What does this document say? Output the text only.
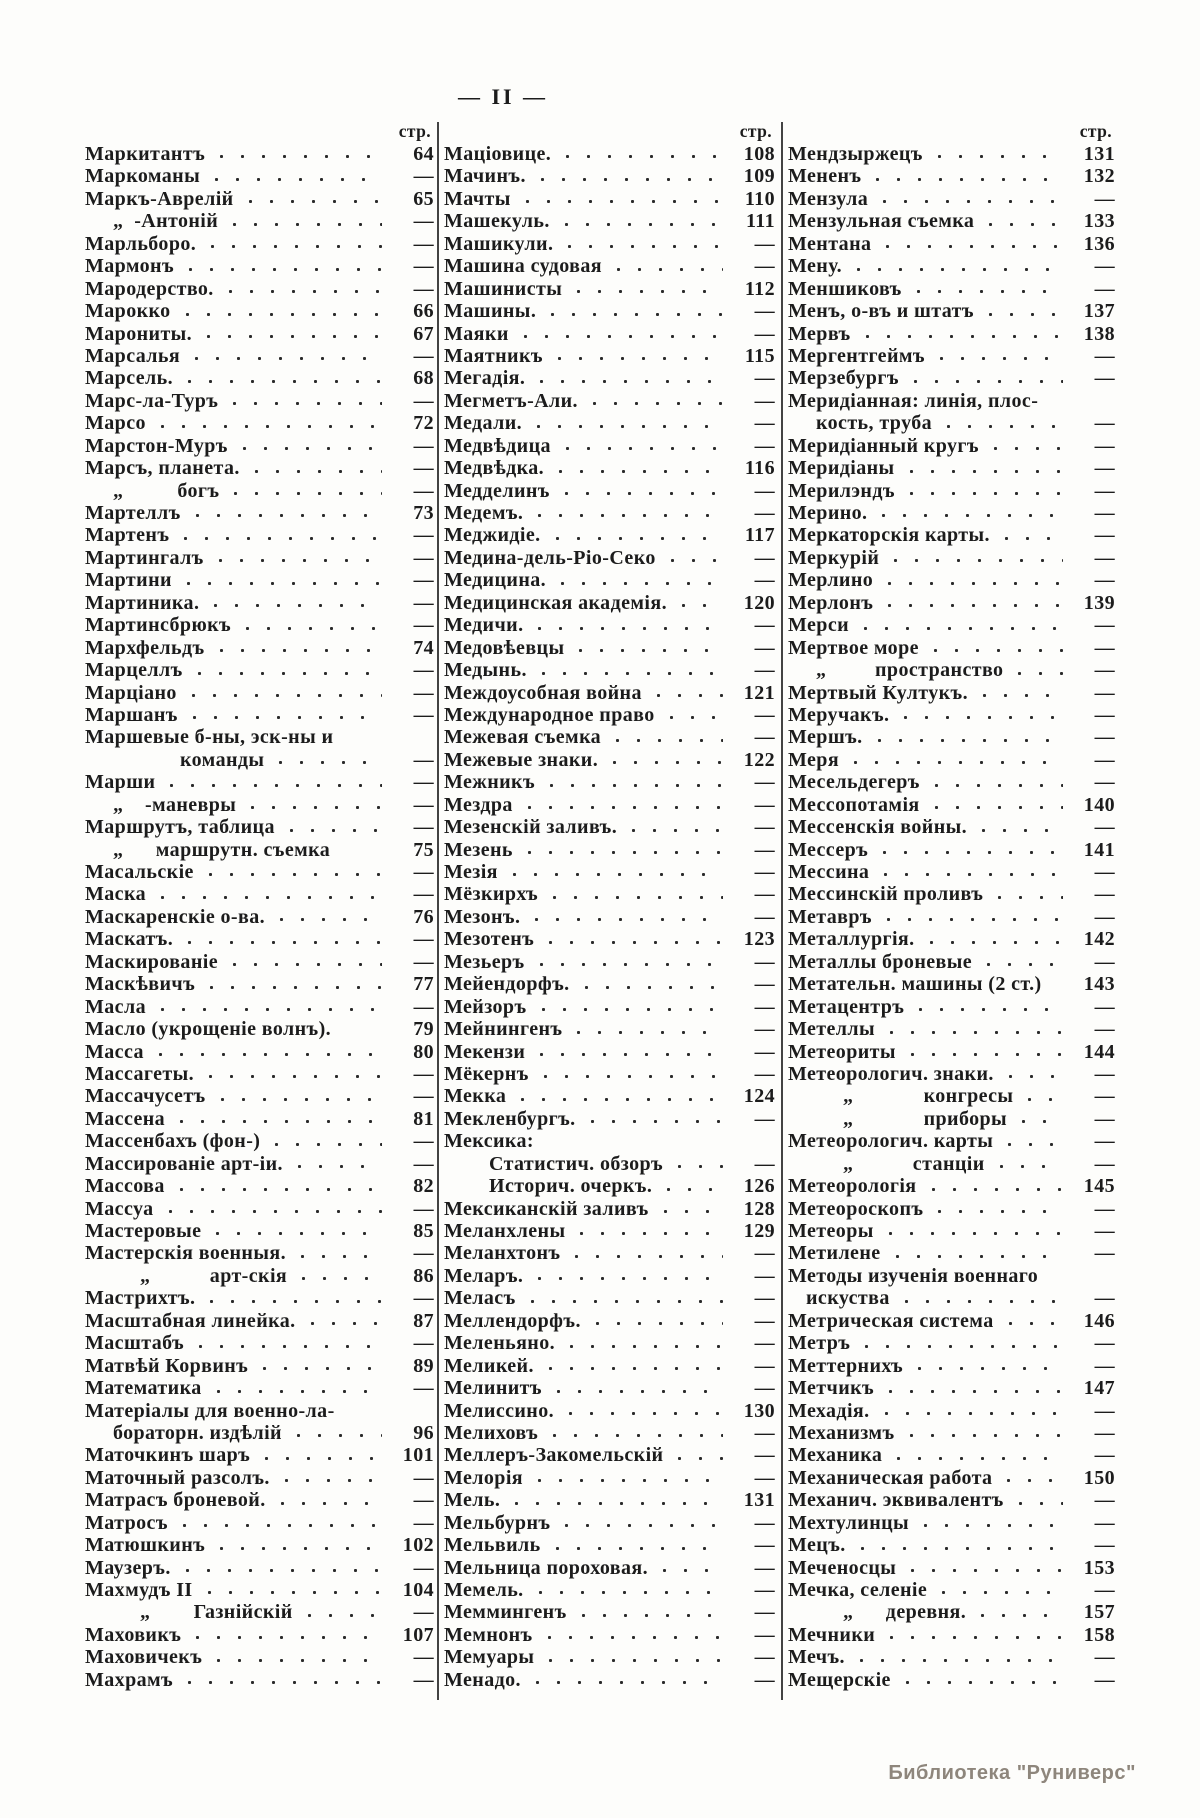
— II —
стр.
Маркитантъ	64
Маркоманы	—
Маркъ-Аврелій	65
„  -Антоній	—
Марльборо.	—
Мармонъ	—
Мародерство.	—
Марокко	66
Марониты.	67
Марсалья	—
Марсель.	68
Марс-ла-Туръ	—
Марсо	72
Марстон-Муръ	—
Марсъ, планета.	—
„          богъ	—
Мартеллъ	73
Мартенъ	—
Мартингалъ	—
Мартини	—
Мартиника.	—
Мартинсбрюкъ	—
Мархфельдъ	74
Марцеллъ	—
Марціано	—
Маршанъ	—
Маршевые б-ны, эск-ны и
команды	—
Марши	—
„    -маневры	—
Маршрутъ, таблица	—
„      маршрутн. съемка	75
Масальскіе	—
Маска	—
Маскаренскіе о-ва.	76
Маскатъ.	—
Маскированіе	—
Маскѣвичъ	77
Масла	—
Масло (укрощеніе волнъ).	79
Масса	80
Массагеты.	—
Массачусетъ	—
Массена	81
Массенбахъ (фон-)	—
Массированіе арт-іи.	—
Массова	82
Массуа	—
Мастеровые	85
Мастерскія военныя.	—
„           арт-скія	86
Мастрихтъ.	—
Масштабная линейка.	87
Масштабъ	—
Матвѣй Корвинъ	89
Математика	—
Матеріалы для военно-ла-
бораторн. издѣлій	96
Маточкинъ шаръ	101
Маточный разсолъ.	—
Матрасъ броневой.	—
Матросъ	—
Матюшкинъ	102
Маузеръ.	—
Махмудъ II	104
„        Газнійскій	—
Маховикъ	107
Маховичекъ	—
Махрамъ	—
стр.
Маціовице.	108
Мачинъ.	109
Мачты	110
Машекуль.	111
Машикули.	—
Машина судовая	—
Машинисты	112
Машины.	—
Маяки	—
Маятникъ	115
Мегадія.	—
Мегметъ-Али.	—
Медали.	—
Медвѣдица	—
Медвѣдка.	116
Медделинъ	—
Медемъ.	—
Меджидіе.	117
Медина-дель-Ріо-Секо	—
Медицина.	—
Медицинская академія.	120
Медичи.	—
Медовѣевцы	—
Медынь.	—
Междоусобная война	121
Международное право	—
Межевая съемка	—
Межевые знаки.	122
Межникъ	—
Мездра	—
Мезенскій заливъ.	—
Мезень	—
Мезія	—
Мёзкирхъ	—
Мезонъ.	—
Мезотенъ	123
Мезьеръ	—
Мейендорфъ.	—
Мейзоръ	—
Мейнингенъ	—
Мекензи	—
Мёкернъ	—
Мекка	124
Мекленбургъ.	—
Мексика:
Статистич. обзоръ	—
Историч. очеркъ.	126
Мексиканскій заливъ	128
Меланхлены	129
Меланхтонъ	—
Меларъ.	—
Меласъ	—
Меллендорфъ.	—
Меленьяно.	—
Меликей.	—
Мелинитъ	—
Мелиссино.	130
Мелиховъ	—
Меллеръ-Закомельскій	—
Мелорія	—
Мель.	131
Мельбурнъ	—
Мельвиль	—
Мельница пороховая.	—
Мемель.	—
Меммингенъ	—
Мемнонъ	—
Мемуары	—
Менадо.	—
стр.
Мендзыржецъ	131
Мененъ	132
Мензула	—
Мензульная съемка	133
Ментана	136
Мену.	—
Меншиковъ	—
Менъ, о-въ и штатъ	137
Мервъ	138
Мергентгеймъ	—
Мерзебургъ	—
Меридіанная: линія, плос-
кость, труба	—
Меридіанный кругъ	—
Меридіаны	—
Мерилэндъ	—
Мерино.	—
Меркаторскія карты.	—
Меркурій	—
Мерлино	—
Мерлонъ	139
Мерси	—
Мертвое море	—
„         пространство	—
Мертвый Култукъ.	—
Меручакъ.	—
Мершъ.	—
Меря	—
Месельдегеръ	—
Мессопотамія	140
Мессенскія войны.	—
Мессеръ	141
Мессина	—
Мессинскій проливъ	—
Метавръ	—
Металлургія.	142
Металлы броневые	—
Метательн. машины (2 ст.)	143
Метацентръ	—
Метеллы	—
Метеориты	144
Метеорологич. знаки.	—
„             конгресы	—
„             приборы	—
Метеорологич. карты	—
„           станціи	—
Метеорологія	145
Метеороскопъ	—
Метеоры	—
Метилене	—
Методы изученія военнаго
искуства	—
Метрическая система	146
Метръ	—
Меттернихъ	—
Метчикъ	147
Мехадія.	—
Механизмъ	—
Механика	—
Механическая работа	150
Механич. эквивалентъ	—
Мехтулинцы	—
Мецъ.	—
Меченосцы	153
Мечка, селеніе	—
„      деревня.	157
Мечники	158
Мечъ.	—
Мещерскіе	—
Библиотека "Руниверс"
